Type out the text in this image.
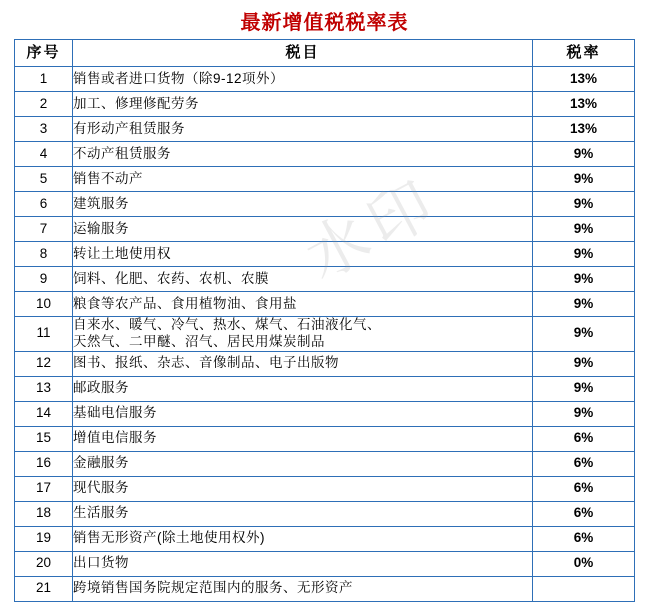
最新增值税税率表
水印
序号	税目	税率
1	销售或者进口货物（除9-12项外）	13%
2	加工、修理修配劳务	13%
3	有形动产租赁服务	13%
4	不动产租赁服务	9%
5	销售不动产	9%
6	建筑服务	9%
7	运输服务	9%
8	转让土地使用权	9%
9	饲料、化肥、农药、农机、农膜	9%
10	粮食等农产品、食用植物油、食用盐	9%
11	自来水、暖气、冷气、热水、煤气、石油液化气、
天然气、二甲醚、沼气、居民用煤炭制品	9%
12	图书、报纸、杂志、音像制品、电子出版物	9%
13	邮政服务	9%
14	基础电信服务	9%
15	增值电信服务	6%
16	金融服务	6%
17	现代服务	6%
18	生活服务	6%
19	销售无形资产(除土地使用权外)	6%
20	出口货物	0%
21	跨境销售国务院规定范围内的服务、无形资产	
